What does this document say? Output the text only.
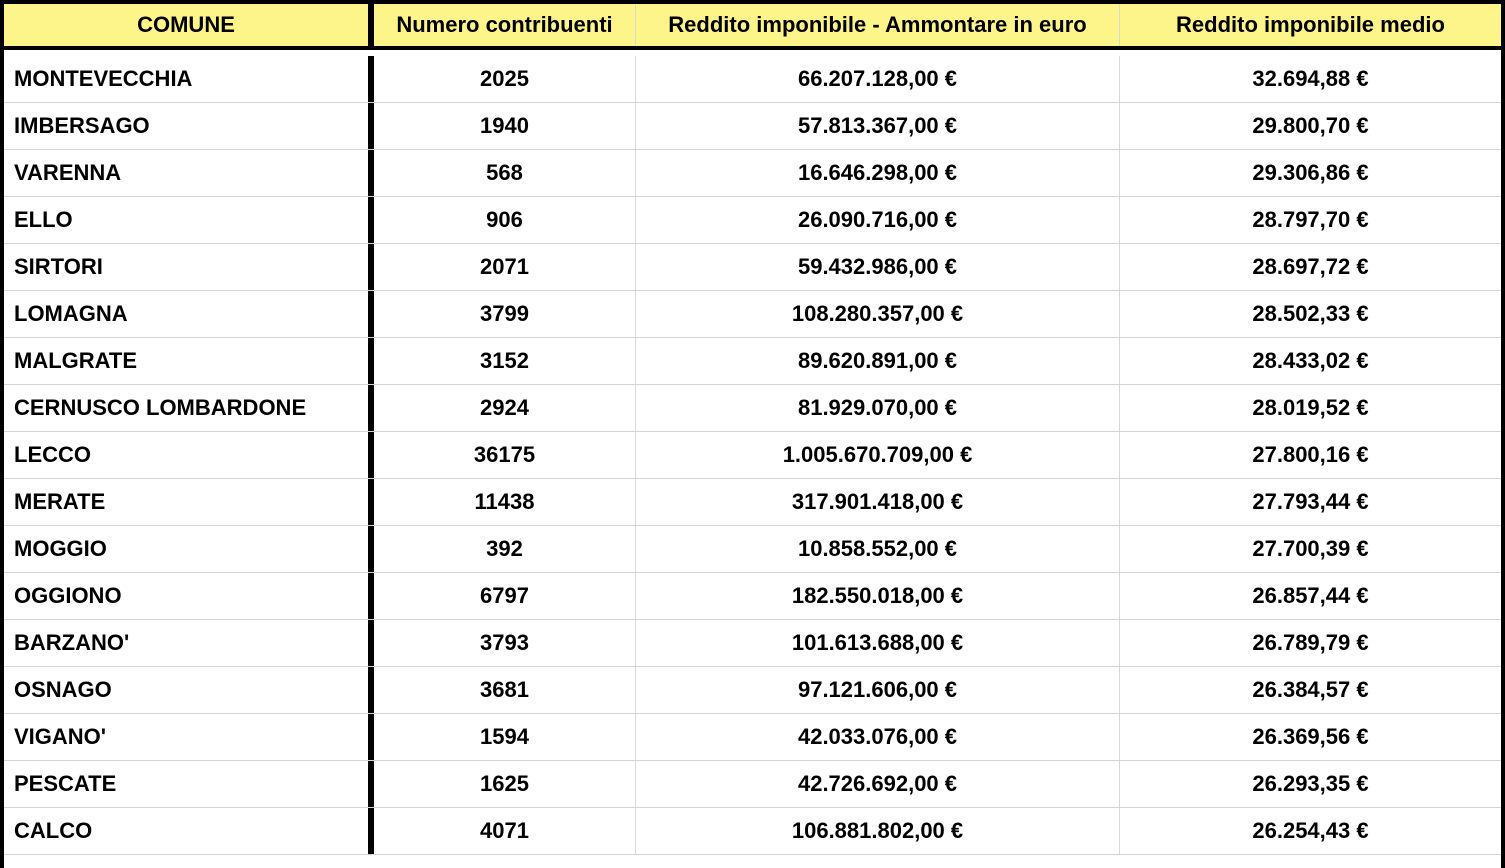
COMUNE	Numero contribuenti	Reddito imponibile - Ammontare in euro	Reddito imponibile medio
MONTEVECCHIA	2025	66.207.128,00 €	32.694,88 €
IMBERSAGO	1940	57.813.367,00 €	29.800,70 €
VARENNA	568	16.646.298,00 €	29.306,86 €
ELLO	906	26.090.716,00 €	28.797,70 €
SIRTORI	2071	59.432.986,00 €	28.697,72 €
LOMAGNA	3799	108.280.357,00 €	28.502,33 €
MALGRATE	3152	89.620.891,00 €	28.433,02 €
CERNUSCO LOMBARDONE	2924	81.929.070,00 €	28.019,52 €
LECCO	36175	1.005.670.709,00 €	27.800,16 €
MERATE	11438	317.901.418,00 €	27.793,44 €
MOGGIO	392	10.858.552,00 €	27.700,39 €
OGGIONO	6797	182.550.018,00 €	26.857,44 €
BARZANO'	3793	101.613.688,00 €	26.789,79 €
OSNAGO	3681	97.121.606,00 €	26.384,57 €
VIGANO'	1594	42.033.076,00 €	26.369,56 €
PESCATE	1625	42.726.692,00 €	26.293,35 €
CALCO	4071	106.881.802,00 €	26.254,43 €
